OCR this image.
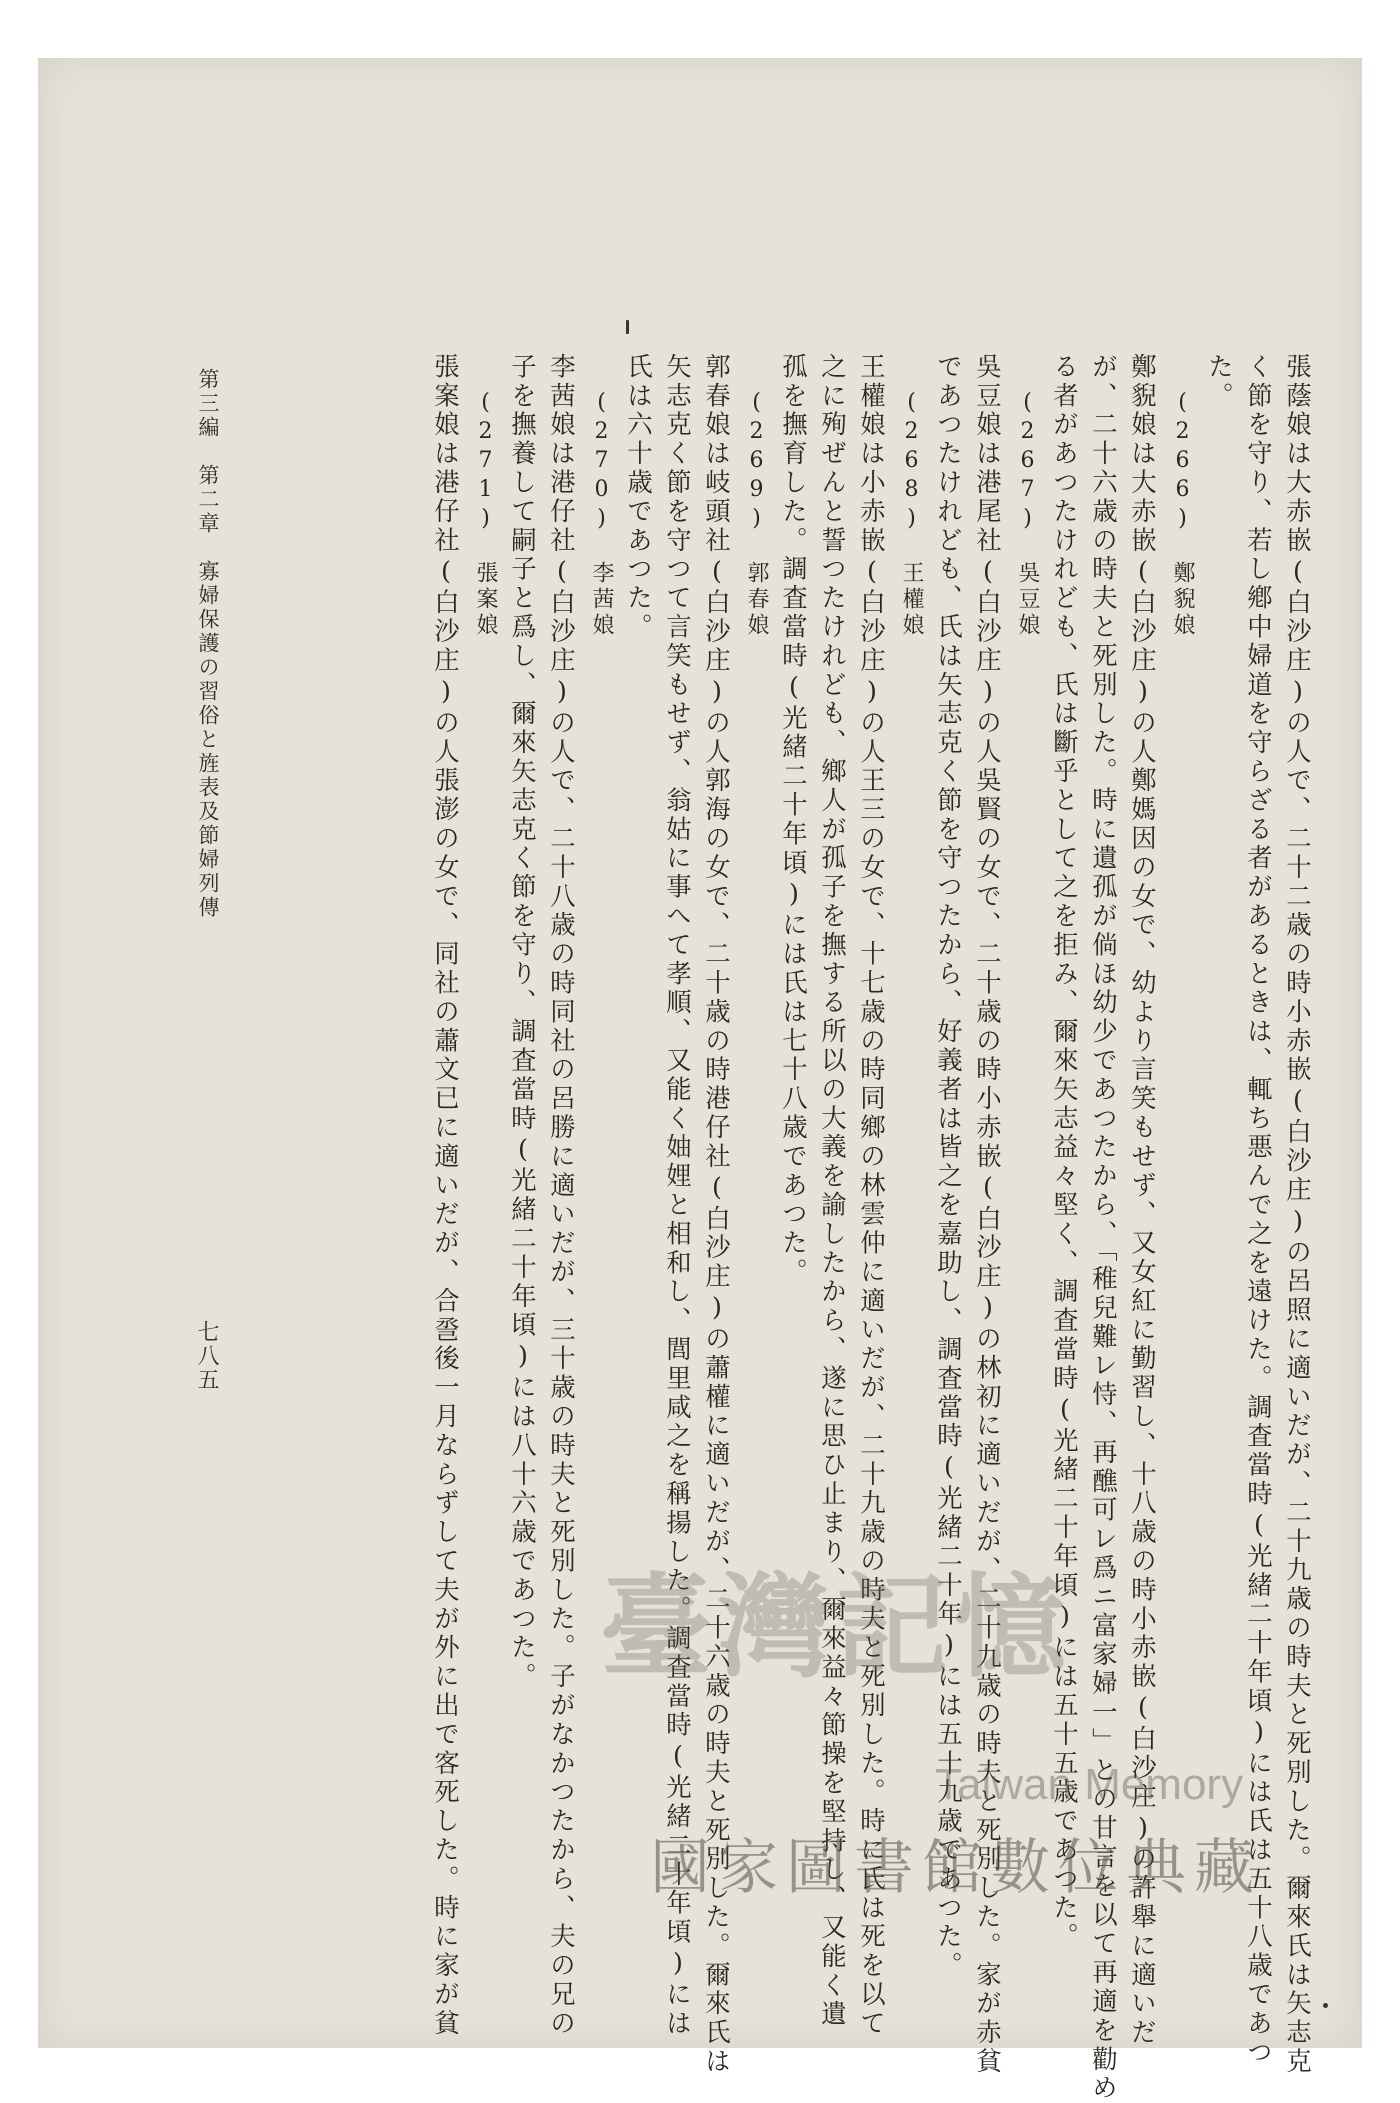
七八五
第三編　第二章　寡婦保護の習俗と旌表及節婦列傳	張蔭娘は大赤嵌(白沙庄)の人で、二十二歳の時小赤嵌(白沙庄)の呂照に適いだが、二十九歳の時夫と死別した。爾來氏は矢志克
く節を守り、若し鄕中婦道を守らざる者があるときは、輒ち悪んで之を遠けた。調査當時(光緒二十年頃)には氏は五十八歳であつ
た。
(266)　鄭貎娘
鄭貎娘は大赤嵌(白沙庄)の人鄭媽因の女で、幼より言笑もせず、又女紅に勤習し、十八歳の時小赤嵌(白沙庄)の許舉に適いだ
が、二十六歳の時夫と死別した。時に遺孤が倘ほ幼少であつたから、「稚兒難レ恃、再醮可レ爲ニ富家婦一」との甘言を以て再適を勸め
る者があつたけれども、氏は斷乎として之を拒み、爾來矢志益々堅く、調査當時(光緒二十年頃)には五十五歳であつた。
(267)　吳豆娘
吳豆娘は港尾社(白沙庄)の人吳賢の女で、二十歳の時小赤嵌(白沙庄)の林初に適いだが、二十九歳の時夫と死別した。家が赤貧
であつたけれども、氏は矢志克く節を守つたから、好義者は皆之を嘉助し、調査當時(光緒二十年)には五十九歳であつた。
(268)　王權娘
王權娘は小赤嵌(白沙庄)の人王三の女で、十七歳の時同鄉の林雲仲に適いだが、二十九歳の時夫と死別した。時に氏は死を以て
之に殉ぜんと誓つたけれども、鄉人が孤子を撫する所以の大義を諭したから、遂に思ひ止まり、爾來益々節操を堅持し、又能く遺
孤を撫育した。調査當時(光緒二十年頃)には氏は七十八歳であつた。
(269)　郭春娘
郭春娘は岐頭社(白沙庄)の人郭海の女で、二十歳の時港仔社(白沙庄)の蕭權に適いだが、二十六歳の時夫と死別した。爾來氏は
矢志克く節を守つて言笑もせず、翁姑に事へて孝順、又能く妯娌と相和し、閭里咸之を稱揚した。調査當時(光緒二十年頃)には
氏は六十歳であつた。
(270)　李茜娘
李茜娘は港仔社(白沙庄)の人で、二十八歳の時同社の呂勝に適いだが、三十歳の時夫と死別した。子がなかつたから、夫の兄の
子を撫養して嗣子と爲し、爾來矢志克く節を守り、調査當時(光緒二十年頃)には八十六歳であつた。
(271)　張案娘
張案娘は港仔社(白沙庄)の人張澎の女で、同社の蕭文已に適いだが、合巹後一月ならずして夫が外に出で客死した。時に家が貧 臺灣記憶
Taiwan Memory
國家圖書館數位典藏
